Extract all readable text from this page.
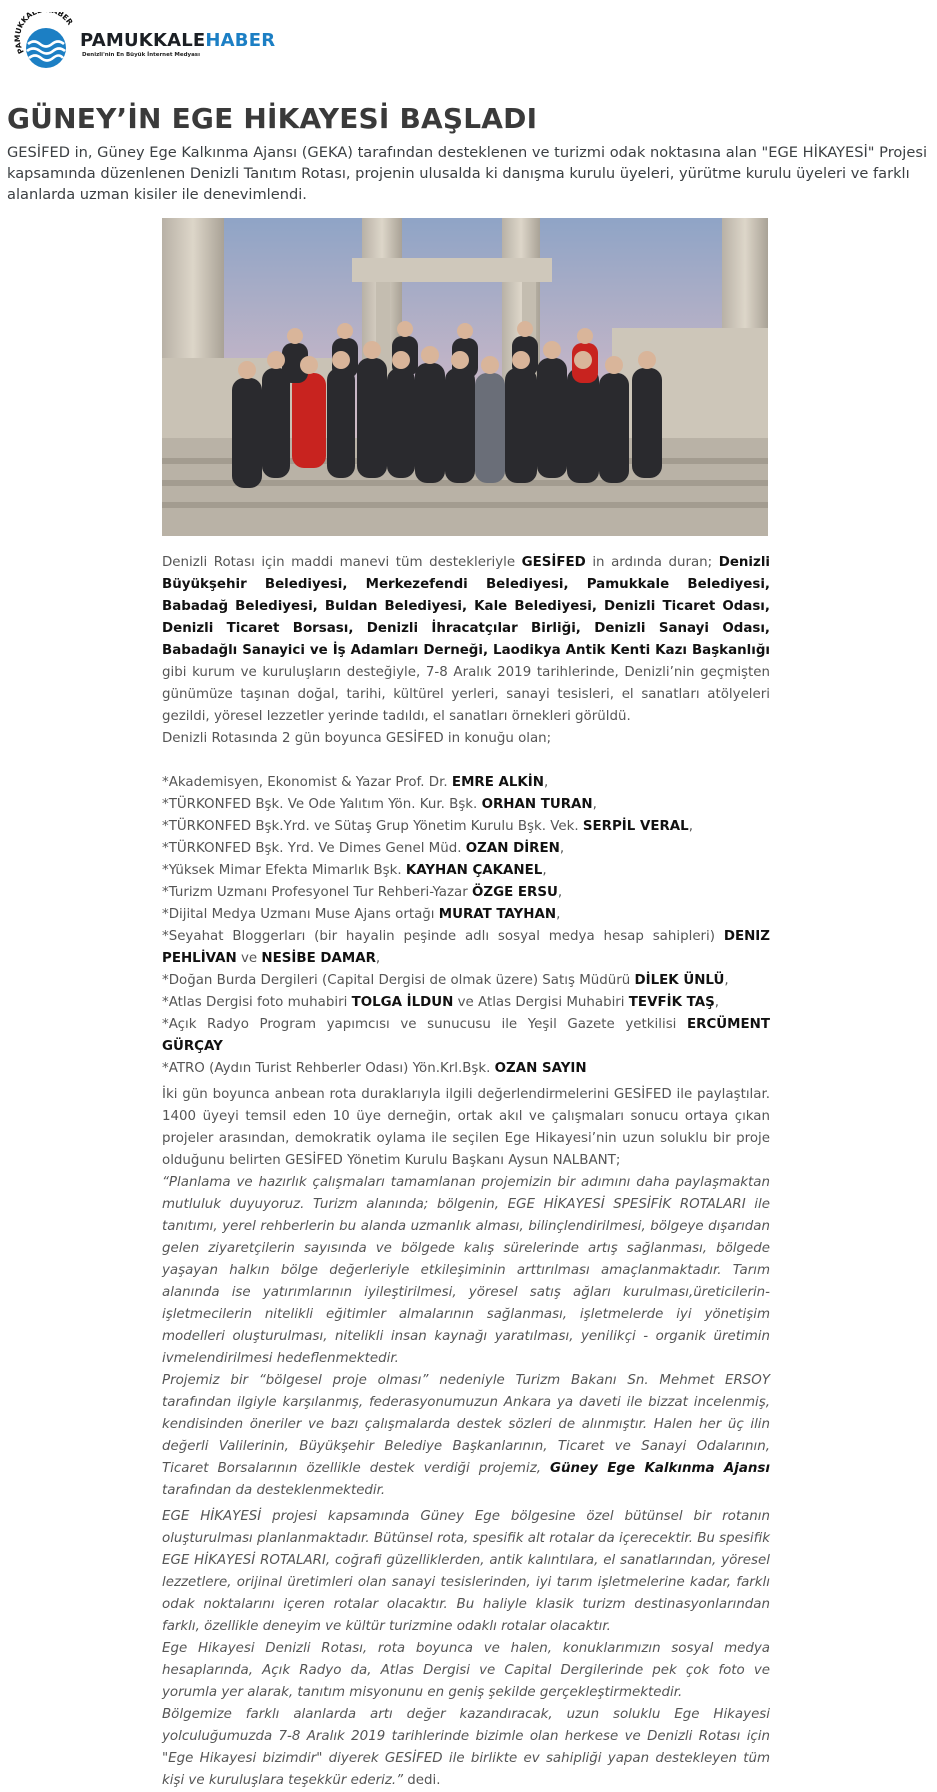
PA UKKAL BER
PAMUKKALEHABER
Denizli'nin En Büyük İnternet Medyası
GÜNEY’İN EGE HİKAYESİ BAŞLADI

GESİFED in, Güney Ege Kalkınma Ajansı (GEKA) tarafından desteklenen ve turizmi odak noktasına alan "EGE HİKAYESİ" Projesi kapsamında düzenlenen Denizli Tanıtım Rotası, projenin ulusalda ki danışma kurulu üyeleri, yürütme kurulu üyeleri ve farklı alanlarda uzman kisiler ile denevimlendi.

Denizli Rotası için maddi manevi tüm destekleriyle GESİFED in ardında duran; Denizli Büyükşehir Belediyesi, Merkezefendi Belediyesi, Pamukkale Belediyesi, Babadağ Belediyesi, Buldan Belediyesi, Kale Belediyesi, Denizli Ticaret Odası, Denizli Ticaret Borsası, Denizli İhracatçılar Birliği, Denizli Sanayi Odası, Babadağlı Sanayici ve İş Adamları Derneği, Laodikya Antik Kenti Kazı Başkanlığı gibi kurum ve kuruluşların desteğiyle, 7-8 Aralık 2019 tarihlerinde, Denizli’nin geçmişten günümüze taşınan doğal, tarihi, kültürel yerleri, sanayi tesisleri, el sanatları atölyeleri gezildi, yöresel lezzetler yerinde tadıldı, el sanatları örnekleri görüldü.

Denizli Rotasında 2 gün boyunca GESİFED in konuğu olan;

*Akademisyen, Ekonomist & Yazar Prof. Dr. EMRE ALKİN,

*TÜRKONFED Bşk. Ve Ode Yalıtım Yön. Kur. Bşk. ORHAN TURAN,

*TÜRKONFED Bşk.Yrd. ve Sütaş Grup Yönetim Kurulu Bşk. Vek. SERPİL VERAL,

*TÜRKONFED Bşk. Yrd. Ve Dimes Genel Müd. OZAN DİREN,

*Yüksek Mimar Efekta Mimarlık Bşk. KAYHAN ÇAKANEL,

*Turizm Uzmanı Profesyonel Tur Rehberi-Yazar ÖZGE ERSU,

*Dijital Medya Uzmanı Muse Ajans ortağı MURAT TAYHAN,

*Seyahat Bloggerları (bir hayalin peşinde adlı sosyal medya hesap sahipleri) DENIZ PEHLİVAN ve NESİBE DAMAR,

*Doğan Burda Dergileri (Capital Dergisi de olmak üzere) Satış Müdürü DİLEK ÜNLÜ,

*Atlas Dergisi foto muhabiri TOLGA İLDUN ve Atlas Dergisi Muhabiri TEVFİK TAŞ,

*Açık Radyo Program yapımcısı ve sunucusu ile Yeşil Gazete yetkilisi ERCÜMENT GÜRÇAY

*ATRO (Aydın Turist Rehberler Odası) Yön.Krl.Bşk. OZAN SAYIN

İki gün boyunca anbean rota duraklarıyla ilgili değerlendirmelerini GESİFED ile paylaştılar. 1400 üyeyi temsil eden 10 üye derneğin, ortak akıl ve çalışmaları sonucu ortaya çıkan projeler arasından, demokratik oylama ile seçilen Ege Hikayesi’nin uzun soluklu bir proje olduğunu belirten GESİFED Yönetim Kurulu Başkanı Aysun NALBANT;

“Planlama ve hazırlık çalışmaları tamamlanan projemizin bir adımını daha paylaşmaktan mutluluk duyuyoruz. Turizm alanında; bölgenin, EGE HİKAYESİ SPESİFİK ROTALARI ile tanıtımı, yerel rehberlerin bu alanda uzmanlık alması, bilinçlendirilmesi, bölgeye dışarıdan gelen ziyaretçilerin sayısında ve bölgede kalış sürelerinde artış sağlanması, bölgede yaşayan halkın bölge değerleriyle etkileşiminin arttırılması amaçlanmaktadır. Tarım alanında ise yatırımlarının iyileştirilmesi, yöresel satış ağları kurulması,üreticilerin-işletmecilerin nitelikli eğitimler almalarının sağlanması, işletmelerde iyi yönetişim modelleri oluşturulması, nitelikli insan kaynağı yaratılması, yenilikçi - organik üretimin ivmelendirilmesi hedeflenmektedir.

Projemiz bir “bölgesel proje olması” nedeniyle Turizm Bakanı Sn. Mehmet ERSOY tarafından ilgiyle karşılanmış, federasyonumuzun Ankara ya daveti ile bizzat incelenmiş, kendisinden öneriler ve bazı çalışmalarda destek sözleri de alınmıştır. Halen her üç ilin değerli Valilerinin, Büyükşehir Belediye Başkanlarının, Ticaret ve Sanayi Odalarının, Ticaret Borsalarının özellikle destek verdiği projemiz, Güney Ege Kalkınma Ajansı tarafından da desteklenmektedir.

EGE HİKAYESİ projesi kapsamında Güney Ege bölgesine özel bütünsel bir rotanın oluşturulması planlanmaktadır. Bütünsel rota, spesifik alt rotalar da içerecektir. Bu spesifik EGE HİKAYESİ ROTALARI, coğrafi güzelliklerden, antik kalıntılara, el sanatlarından, yöresel lezzetlere, orijinal üretimleri olan sanayi tesislerinden, iyi tarım işletmelerine kadar, farklı odak noktalarını içeren rotalar olacaktır. Bu haliyle klasik turizm destinasyonlarından farklı, özellikle deneyim ve kültür turizmine odaklı rotalar olacaktır.

Ege Hikayesi Denizli Rotası, rota boyunca ve halen, konuklarımızın sosyal medya hesaplarında, Açık Radyo da, Atlas Dergisi ve Capital Dergilerinde pek çok foto ve yorumla yer alarak, tanıtım misyonunu en geniş şekilde gerçekleştirmektedir.

Bölgemize farklı alanlarda artı değer kazandıracak, uzun soluklu Ege Hikayesi yolculuğumuzda 7-8 Aralık 2019 tarihlerinde bizimle olan herkese ve Denizli Rotası için "Ege Hikayesi bizimdir" diyerek GESİFED ile birlikte ev sahipliği yapan destekleyen tüm kişi ve kuruluşlara teşekkür ederiz.” dedi.
